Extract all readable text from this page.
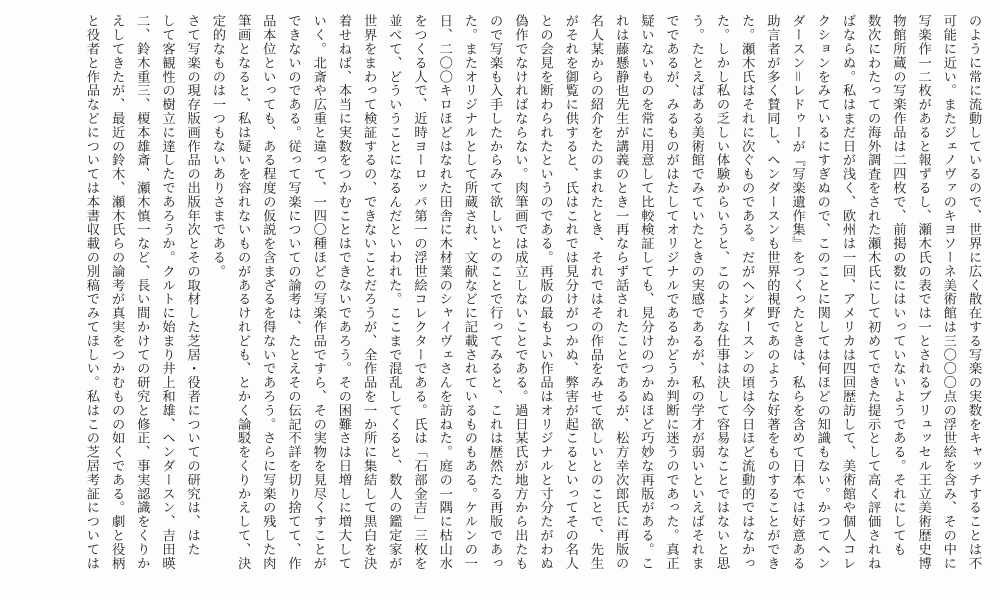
のように常に流動しているので、世界に広く散在する写楽の実数をキャッチすることは不

可能に近い。またジェノヴァのキヨソーネ美術館は三〇〇〇点の浮世絵を含み、その中に

写楽作一二枚があると報ずるし、瀬木氏の表では一とされるブリュッセル王立美術歴史博

物館所蔵の写楽作品は二四枚で、前掲の数にはいっていないようである。それにしても

数次にわたっての海外調査をされた瀬木氏にして初めてできた提示として高く評価されね

ばならぬ。私はまだ日が浅く、欧州は一回、アメリカは四回歴訪して、美術館や個人コレ

クションをみているにすぎぬので、このことに関しては何ほどの知識もない。かつてヘン

ダースン＝レドゥーが『写楽遺作集』をつくったときは、私らを含めて日本では好意ある

助言者が多く賛同し、ヘンダースンも世界的視野であのような好著をものすることができ

た。瀬木氏はそれに次ぐものである。だがヘンダースンの頃は今日ほど流動的ではなかっ

た。しかし私の乏しい体験からいうと、このような仕事は決して容易なことではないと思

う。たとえばある美術館でみていたときの実感であるが、私の学才が弱いといえばそれま

でであるが、みるものがはたしてオリジナルであるかどうか判断に迷うのであった。真正

疑いないものを常に用意して比較検証しても、見分けのつかぬほど巧妙な再版がある。こ

れは藤懸静也先生が講義のとき一再ならず話されたことであるが、松方幸次郎氏に再版の

名人某からの紹介をたのまれたとき、それではその作品をみせて欲しいとのことで、先生

がそれを御覧に供すると、氏はこれでは見分けがつかぬ、弊害が起こるといってその名人

との会見を断わられたというのである。再版の最もよい作品はオリジナルと寸分たがわぬ

偽作でなければならない。肉筆画では成立しないことである。過日某氏が地方から出たも

ので写楽も入手したからみて欲しいとのことで行ってみると、これは歴然たる再版であっ

た。またオリジナルとして所蔵され、文献などに記載されているものもある。ケルンの一

日、二〇〇キロほどはなれた田舎に木材業のシャイヴェさんを訪ねた。庭の一隅に枯山水

をつくる人で、近時ヨーロッパ第一の浮世絵コレクターである。氏は「石部金吉」三枚を

並べて、どういうことになるんだといわれた。ここまで混乱してくると、数人の鑑定家が

世界をまわって検証するの、できないことだろうが、全作品を一か所に集結して黒白を決

着せねば、本当に実数をつかむことはできないであろう。その困難さは日増しに増大して

いく。北斎や広重と違って、一四〇種ほどの写楽作品ですら、その実物を見尽くすことが

できないのである。従って写楽についての論考は、たとえその伝記不詳を切り捨てて、作

品本位といっても、ある程度の仮説を含まざるを得ないであろう。さらに写楽の残した肉

筆画となると、私は疑いを容れないものがあるけれども、とかく論駁をくりかえして、決

定的なものは一つもないありさまである。

さて写楽の現存版画作品の出版年次とその取材した芝居・役者についての研究は、はた

して客観性の樹立に達したであろうか。クルトに始まり井上和雄、ヘンダースン、吉田暎

二、鈴木重三、榎本雄斎、瀬木慎一など、長い間かけての研究と修正、事実認識をくりか

えしてきたが、最近の鈴木、瀬木氏らの論考が真実をつかむものの如くである。劇と役柄

と役者と作品などについては本書収載の別稿でみてほしい。私はこの芝居考証については
